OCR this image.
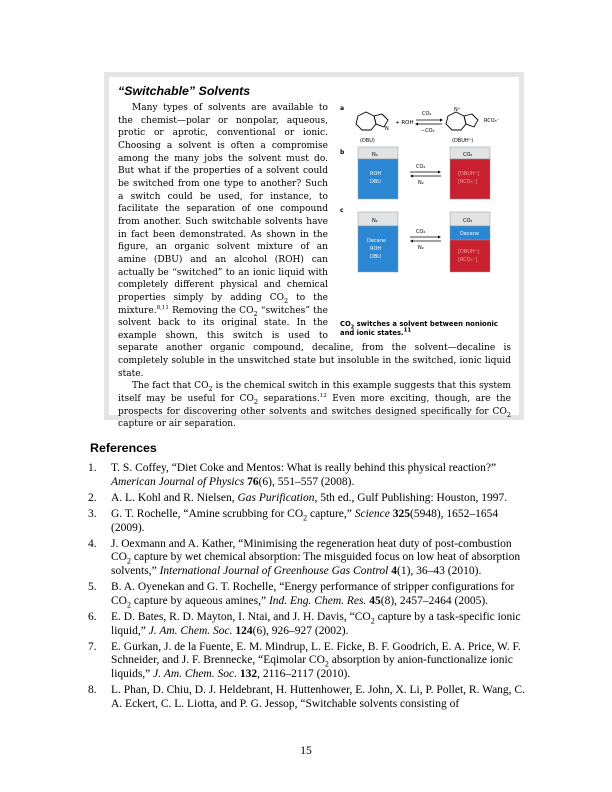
“Switchable” Solvents
a
N
+ ROH
CO₂
−CO₂
N⁺
RCO₃⁻
(DBU)	(DBUH⁺)
b	N₂
ROH
DBU
CO₂
N₂
CO₂
[DBUH⁺]
[RCO₃⁻]
c
N₂
Decane
ROH
DBU
CO₂
N₂
CO₂
Decane
[DBUH⁺]
[RCO₃⁻]
$CO_2$ switches a solvent between nonionic and ionic states.$^{11}$

Many types of solvents are available to the chemist—polar or nonpolar, aqueous, protic or aprotic, conventional or ionic. Choosing a solvent is often a compromise among the many jobs the solvent must do. But what if the properties of a solvent could be switched from one type to another? Such a switch could be used, for instance, to facilitate the separation of one compound from another. Such switchable solvents have in fact been demonstrated. As shown in the figure, an organic solvent mixture of an amine (DBU) and an alcohol (ROH) can actually be “switched” to an ionic liquid with completely different physical and chemical properties simply by adding $CO_2$ to the mixture.$^{8,11}$ Removing the $CO_2$ “switches” the solvent back to its original state. In the example shown, this switch is used to separate another organic compound, decaline, from the solvent—decaline is completely soluble in the unswitched state but insoluble in the switched, ionic liquid state.

The fact that $CO_2$ is the chemical switch in this example suggests that this system itself may be useful for $CO_2$ separations.$^{12}$ Even more exciting, though, are the prospects for discovering other solvents and switches designed specifically for $CO_2$ capture or air separation.

References
1. T. S. Coffey, “Diet Coke and Mentos: What is really behind this physical reaction?” American Journal of Physics 76(6), 551–557 (2008).
2. A. L. Kohl and R. Nielsen, Gas Purification, 5th ed., Gulf Publishing: Houston, 1997.
3. G. T. Rochelle, “Amine scrubbing for $CO_2$ capture,” Science 325(5948), 1652–1654 (2009).
4. J. Oexmann and A. Kather, “Minimising the regeneration heat duty of post-combustion $CO_2$ capture by wet chemical absorption: The misguided focus on low heat of absorption solvents,” International Journal of Greenhouse Gas Control 4(1), 36–43 (2010).
5. B. A. Oyenekan and G. T. Rochelle, “Energy performance of stripper configurations for $CO_2$ capture by aqueous amines,” Ind. Eng. Chem. Res. 45(8), 2457–2464 (2005).
6. E. D. Bates, R. D. Mayton, I. Ntai, and J. H. Davis, “$CO_2$ capture by a task-specific ionic liquid,” J. Am. Chem. Soc. 124(6), 926–927 (2002).
7. E. Gurkan, J. de la Fuente, E. M. Mindrup, L. E. Ficke, B. F. Goodrich, E. A. Price, W. F. Schneider, and J. F. Brennecke, “Eqimolar $CO_2$ absorption by anion-functionalize ionic liquids,” J. Am. Chem. Soc. 132, 2116–2117 (2010).
8. L. Phan, D. Chiu, D. J. Heldebrant, H. Huttenhower, E. John, X. Li, P. Pollet, R. Wang, C. A. Eckert, C. L. Liotta, and P. G. Jessop, “Switchable solvents consisting of
15
